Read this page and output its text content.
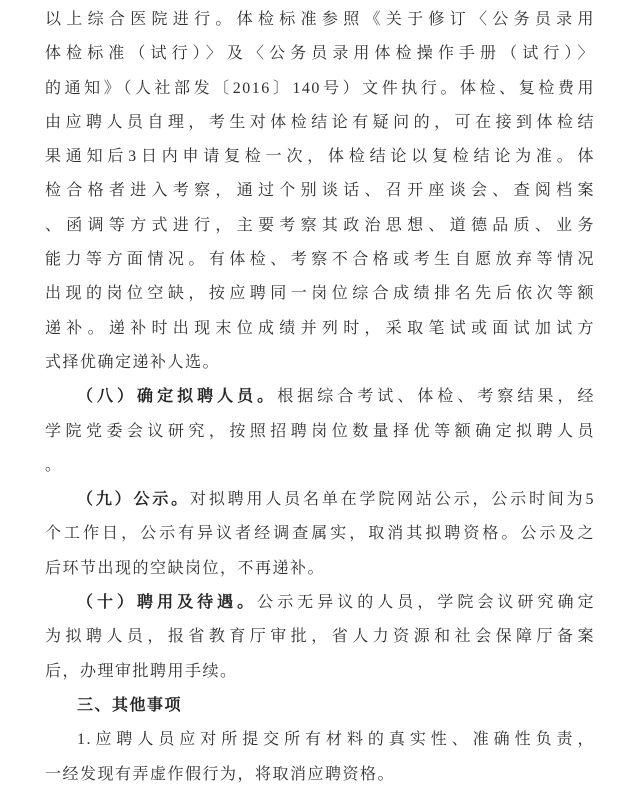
以上综合医院进行。体检标准参照《关于修订〈公务员录用
体检标准（试行）〉及〈公务员录用体检操作手册（试行）〉
的通知》（人社部发〔2016〕140号）文件执行。体检、复检费用
由应聘人员自理，考生对体检结论有疑问的，可在接到体检结
果通知后3日内申请复检一次，体检结论以复检结论为准。体
检合格者进入考察，通过个别谈话、召开座谈会、查阅档案
、函调等方式进行，主要考察其政治思想、道德品质、业务
能力等方面情况。有体检、考察不合格或考生自愿放弃等情况
出现的岗位空缺，按应聘同一岗位综合成绩排名先后依次等额
递补。递补时出现末位成绩并列时，采取笔试或面试加试方
式择优确定递补人选。
（八）确定拟聘人员。根据综合考试、体检、考察结果，经
学院党委会议研究，按照招聘岗位数量择优等额确定拟聘人员
。
（九）公示。对拟聘用人员名单在学院网站公示，公示时间为5
个工作日，公示有异议者经调查属实，取消其拟聘资格。公示及之
后环节出现的空缺岗位，不再递补。
（十）聘用及待遇。公示无异议的人员，学院会议研究确定
为拟聘人员，报省教育厅审批，省人力资源和社会保障厅备案
后，办理审批聘用手续。
三、其他事项
1.应聘人员应对所提交所有材料的真实性、准确性负责，
一经发现有弄虚作假行为，将取消应聘资格。
